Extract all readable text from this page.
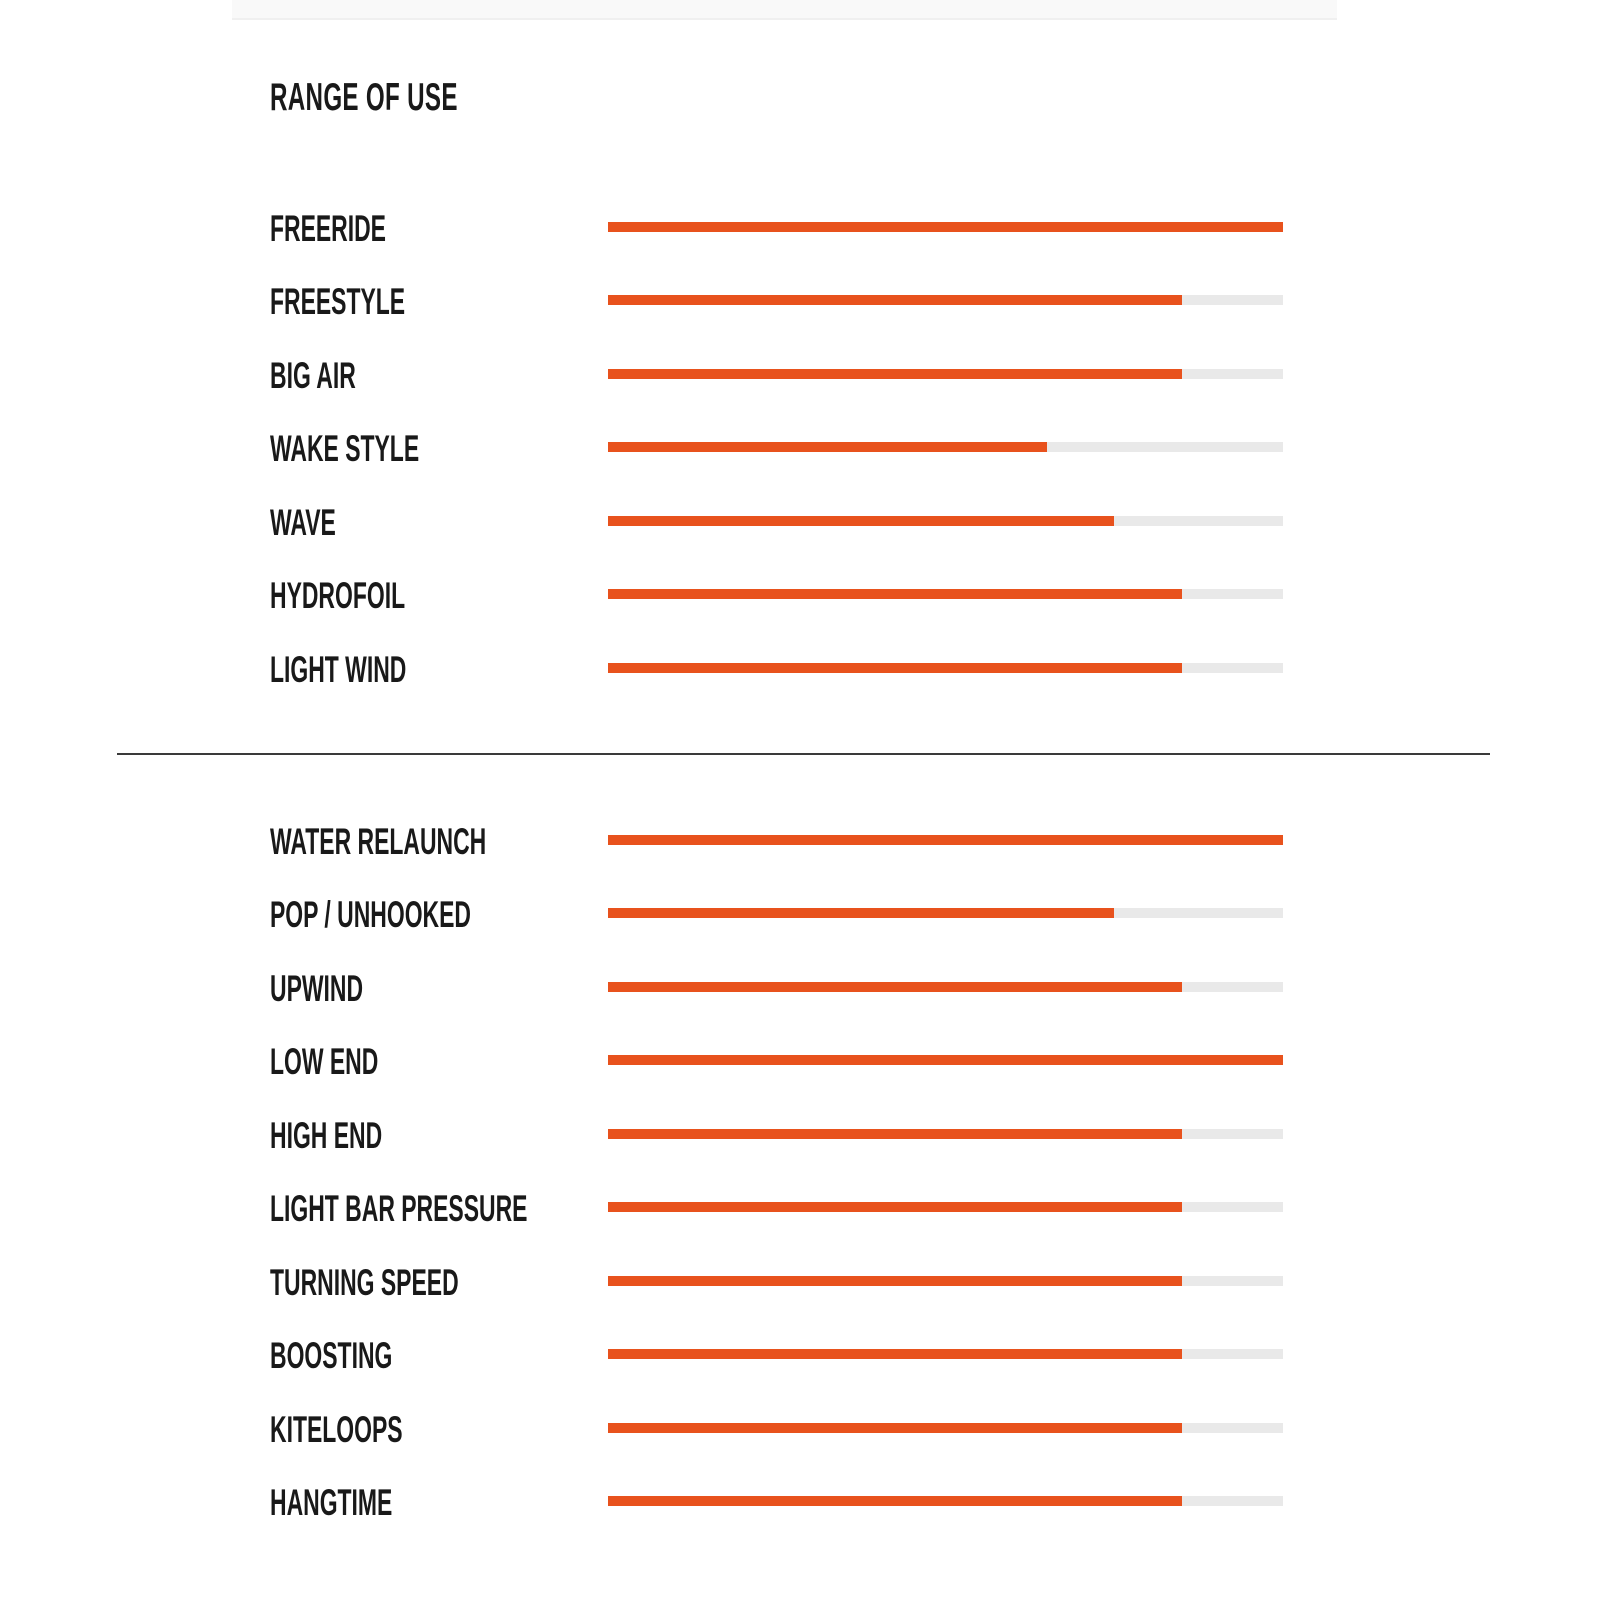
RANGE OF USE
FREERIDE
FREESTYLE
BIG AIR
WAKE STYLE
WAVE
HYDROFOIL
LIGHT WIND
WATER RELAUNCH
POP / UNHOOKED
UPWIND
LOW END
HIGH END
LIGHT BAR PRESSURE
TURNING SPEED
BOOSTING
KITELOOPS
HANGTIME
